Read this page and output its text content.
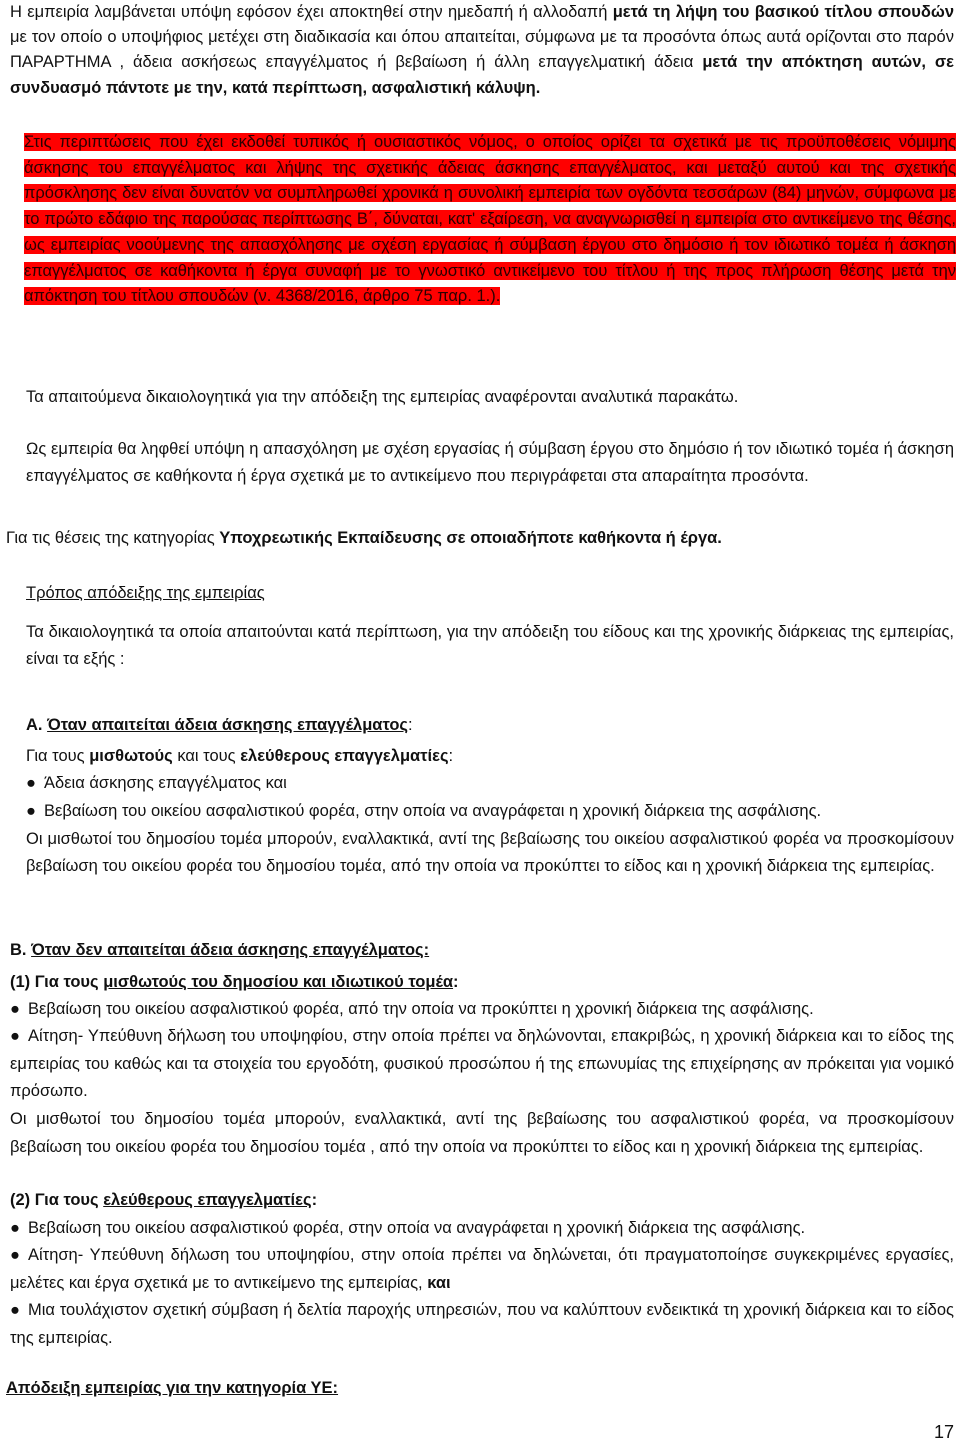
Η εμπειρία λαμβάνεται υπόψη εφόσον έχει αποκτηθεί στην ημεδαπή ή αλλοδαπή μετά τη λήψη του βασικού τίτλου σπουδών με τον οποίο ο υποψήφιος μετέχει στη διαδικασία και όπου απαιτείται, σύμφωνα με τα προσόντα όπως αυτά ορίζονται στο παρόν ΠΑΡΑΡΤΗΜΑ , άδεια ασκήσεως επαγγέλματος ή βεβαίωση ή άλλη επαγγελματική άδεια μετά την απόκτηση αυτών, σε συνδυασμό πάντοτε με την, κατά περίπτωση, ασφαλιστική κάλυψη.

Στις περιπτώσεις που έχει εκδοθεί τυπικός ή ουσιαστικός νόμος, ο οποίος ορίζει τα σχετικά με τις προϋποθέσεις νόμιμης άσκησης του επαγγέλματος και λήψης της σχετικής άδειας άσκησης επαγγέλματος, και μεταξύ αυτού και της σχετικής πρόσκλησης δεν είναι δυνατόν να συμπληρωθεί χρονικά η συνολική εμπειρία των ογδόντα τεσσάρων (84) μηνών, σύμφωνα με το πρώτο εδάφιο της παρούσας περίπτωσης Β΄, δύναται, κατ' εξαίρεση, να αναγνωρισθεί η εμπειρία στο αντικείμενο της θέσης, ως εμπειρίας νοούμενης της απασχόλησης με σχέση εργασίας ή σύμβαση έργου στο δημόσιο ή τον ιδιωτικό τομέα ή άσκηση επαγγέλματος σε καθήκοντα ή έργα συναφή με το γνωστικό αντικείμενο του τίτλου ή της προς πλήρωση θέσης μετά την απόκτηση του τίτλου σπουδών (ν. 4368/2016, άρθρο 75 παρ. 1.).

Τα απαιτούμενα δικαιολογητικά για την απόδειξη της εμπειρίας αναφέρονται αναλυτικά παρακάτω.

Ως εμπειρία θα ληφθεί υπόψη η απασχόληση με σχέση εργασίας ή σύμβαση έργου στο δημόσιο ή τον ιδιωτικό τομέα ή άσκηση επαγγέλματος σε καθήκοντα ή έργα σχετικά με το αντικείμενο που περιγράφεται στα απαραίτητα προσόντα.

Για τις θέσεις της κατηγορίας Υποχρεωτικής Εκπαίδευσης σε οποιαδήποτε καθήκοντα ή έργα.

Τρόπος απόδειξης της εμπειρίας

Τα δικαιολογητικά τα οποία απαιτούνται κατά περίπτωση, για την απόδειξη του είδους και της χρονικής διάρκειας της εμπειρίας, είναι τα εξής :

Α. Όταν απαιτείται άδεια άσκησης επαγγέλματος:

Για τους μισθωτούς και τους ελεύθερους επαγγελματίες:

● Άδεια άσκησης επαγγέλματος και

● Βεβαίωση του οικείου ασφαλιστικού φορέα, στην οποία να αναγράφεται η χρονική διάρκεια της ασφάλισης.

Οι μισθωτοί του δημοσίου τομέα μπορούν, εναλλακτικά, αντί της βεβαίωσης του οικείου ασφαλιστικού φορέα να προσκομίσουν βεβαίωση του οικείου φορέα του δημοσίου τομέα, από την οποία να προκύπτει το είδος και η χρονική διάρκεια της εμπειρίας.

Β. Όταν δεν απαιτείται άδεια άσκησης επαγγέλματος:

(1) Για τους μισθωτούς του δημοσίου και ιδιωτικού τομέα:

● Βεβαίωση του οικείου ασφαλιστικού φορέα, από την οποία να προκύπτει η χρονική διάρκεια της ασφάλισης.

● Αίτηση- Υπεύθυνη δήλωση του υποψηφίου, στην οποία πρέπει να δηλώνονται, επακριβώς, η χρονική διάρκεια και το είδος της εμπειρίας του καθώς και τα στοιχεία του εργοδότη, φυσικού προσώπου ή της επωνυμίας της επιχείρησης αν πρόκειται για νομικό πρόσωπο.

Οι μισθωτοί του δημοσίου τομέα μπορούν, εναλλακτικά, αντί της βεβαίωσης του ασφαλιστικού φορέα, να προσκομίσουν βεβαίωση του οικείου φορέα του δημοσίου τομέα , από την οποία να προκύπτει το είδος και η χρονική διάρκεια της εμπειρίας.

(2) Για τους ελεύθερους επαγγελματίες:

● Βεβαίωση του οικείου ασφαλιστικού φορέα, στην οποία να αναγράφεται η χρονική διάρκεια της ασφάλισης.

● Αίτηση- Υπεύθυνη δήλωση του υποψηφίου, στην οποία πρέπει να δηλώνεται, ότι πραγματοποίησε συγκεκριμένες εργασίες, μελέτες και έργα σχετικά με το αντικείμενο της εμπειρίας, και

● Μια τουλάχιστον σχετική σύμβαση ή δελτία παροχής υπηρεσιών, που να καλύπτουν ενδεικτικά τη χρονική διάρκεια και το είδος της εμπειρίας.

Απόδειξη εμπειρίας για την κατηγορία ΥΕ:

17
